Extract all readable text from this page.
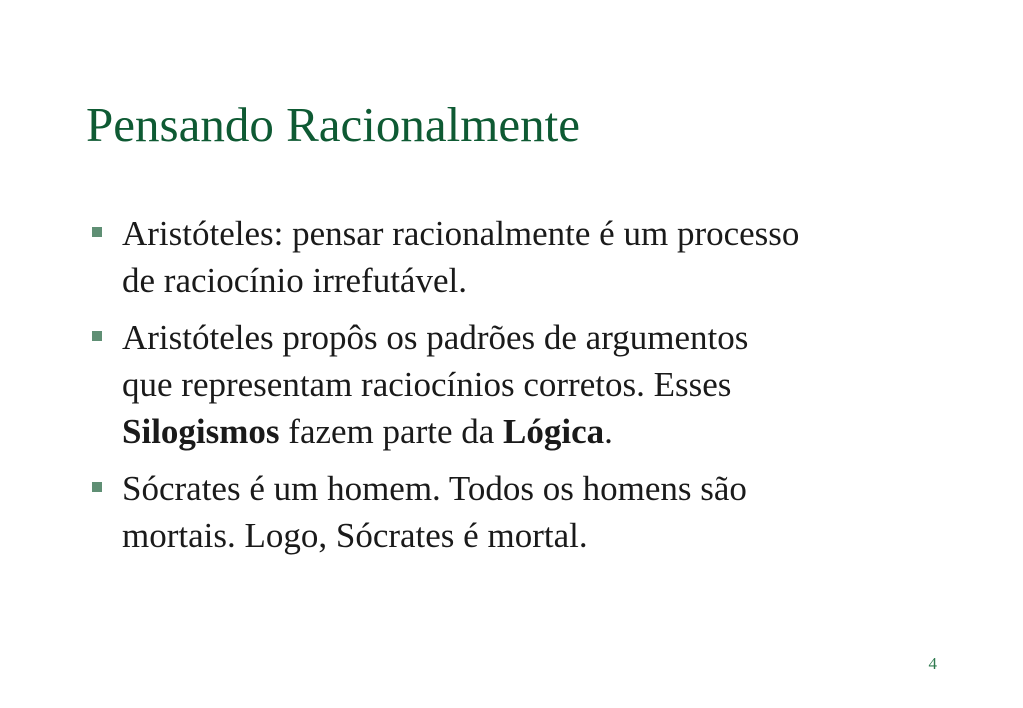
Pensando Racionalmente
Aristóteles: pensar racionalmente é um processo
de raciocínio irrefutável.
Aristóteles propôs os padrões de argumentos
que representam raciocínios corretos. Esses
Silogismos fazem parte da Lógica.
Sócrates é um homem. Todos os homens são
mortais. Logo, Sócrates é mortal.
4
